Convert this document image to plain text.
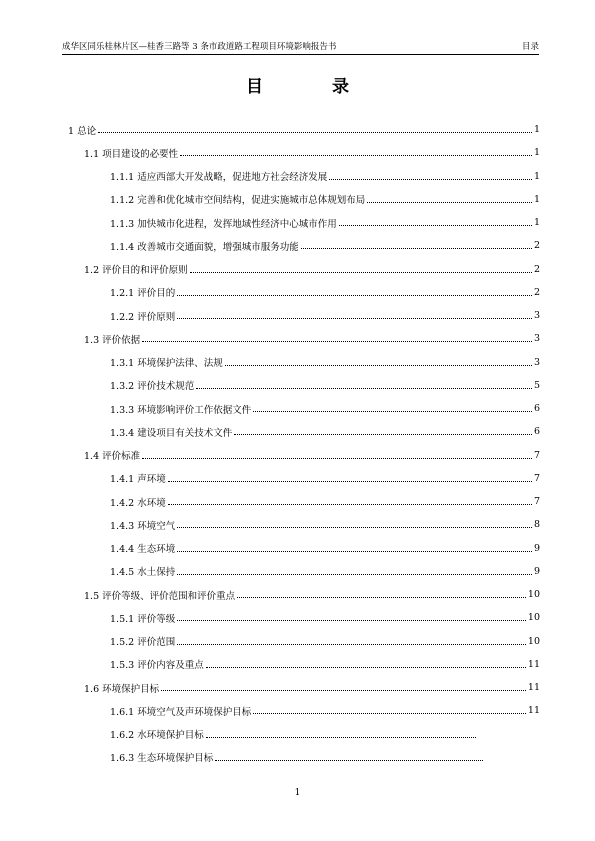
成华区同乐桂林片区—桂香三路等 3 条市政道路工程项目环境影响报告书	目录
目　录
1 总论	1
1.1 项目建设的必要性	1
1.1.1 适应西部大开发战略，促进地方社会经济发展	1
1.1.2 完善和优化城市空间结构，促进实施城市总体规划布局	1
1.1.3 加快城市化进程，发挥地域性经济中心城市作用	1
1.1.4 改善城市交通面貌，增强城市服务功能	2
1.2 评价目的和评价原则	2
1.2.1 评价目的	2
1.2.2 评价原则	3
1.3 评价依据	3
1.3.1 环境保护法律、法规	3
1.3.2 评价技术规范	5
1.3.3 环境影响评价工作依据文件	6
1.3.4 建设项目有关技术文件	6
1.4 评价标准	7
1.4.1 声环境	7
1.4.2 水环境	7
1.4.3 环境空气	8
1.4.4 生态环境	9
1.4.5 水土保持	9
1.5 评价等级、评价范围和评价重点	10
1.5.1 评价等级	10
1.5.2 评价范围	10
1.5.3 评价内容及重点	11
1.6 环境保护目标	11
1.6.1 环境空气及声环境保护目标	11
1.6.2 水环境保护目标
1.6.3 生态环境保护目标
1
